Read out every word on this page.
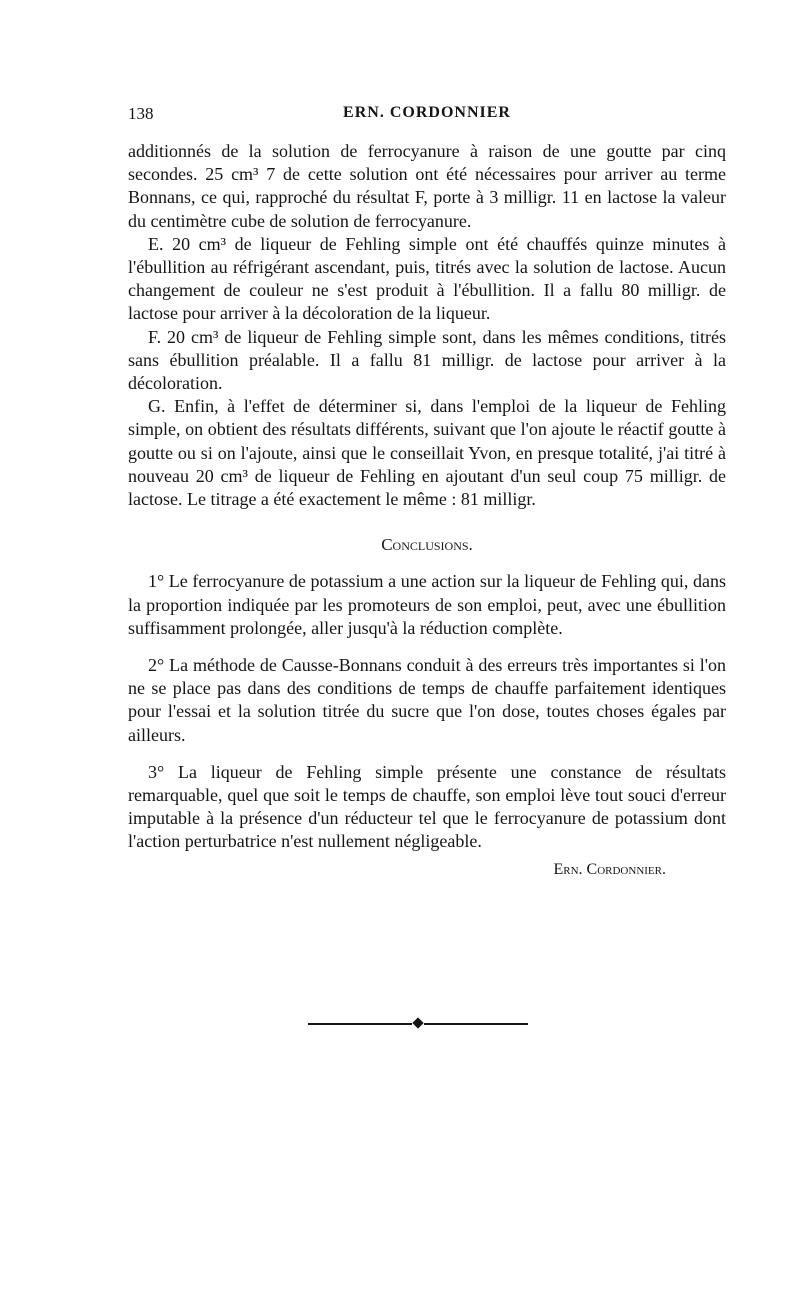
138	ERN. CORDONNIER

additionnés de la solution de ferrocyanure à raison de une goutte par cinq secondes. 25 cm³ 7 de cette solution ont été nécessaires pour arriver au terme Bonnans, ce qui, rapproché du résultat F, porte à 3 milligr. 11 en lactose la valeur du centimètre cube de solution de ferrocyanure.

E. 20 cm³ de liqueur de Fehling simple ont été chauffés quinze minutes à l'ébullition au réfrigérant ascendant, puis, titrés avec la solution de lactose. Aucun changement de couleur ne s'est produit à l'ébullition. Il a fallu 80 milligr. de lactose pour arriver à la décoloration de la liqueur.

F. 20 cm³ de liqueur de Fehling simple sont, dans les mêmes conditions, titrés sans ébullition préalable. Il a fallu 81 milligr. de lactose pour arriver à la décoloration.

G. Enfin, à l'effet de déterminer si, dans l'emploi de la liqueur de Fehling simple, on obtient des résultats différents, suivant que l'on ajoute le réactif goutte à goutte ou si on l'ajoute, ainsi que le conseillait Yvon, en presque totalité, j'ai titré à nouveau 20 cm³ de liqueur de Fehling en ajoutant d'un seul coup 75 milligr. de lactose. Le titrage a été exactement le même : 81 milligr.

Conclusions.

1° Le ferrocyanure de potassium a une action sur la liqueur de Fehling qui, dans la proportion indiquée par les promoteurs de son emploi, peut, avec une ébullition suffisamment prolongée, aller jusqu'à la réduction complète.

2° La méthode de Causse-Bonnans conduit à des erreurs très importantes si l'on ne se place pas dans des conditions de temps de chauffe parfaitement identiques pour l'essai et la solution titrée du sucre que l'on dose, toutes choses égales par ailleurs.

3° La liqueur de Fehling simple présente une constance de résultats remarquable, quel que soit le temps de chauffe, son emploi lève tout souci d'erreur imputable à la présence d'un réducteur tel que le ferrocyanure de potassium dont l'action perturbatrice n'est nullement négligeable.

Ern. Cordonnier.
